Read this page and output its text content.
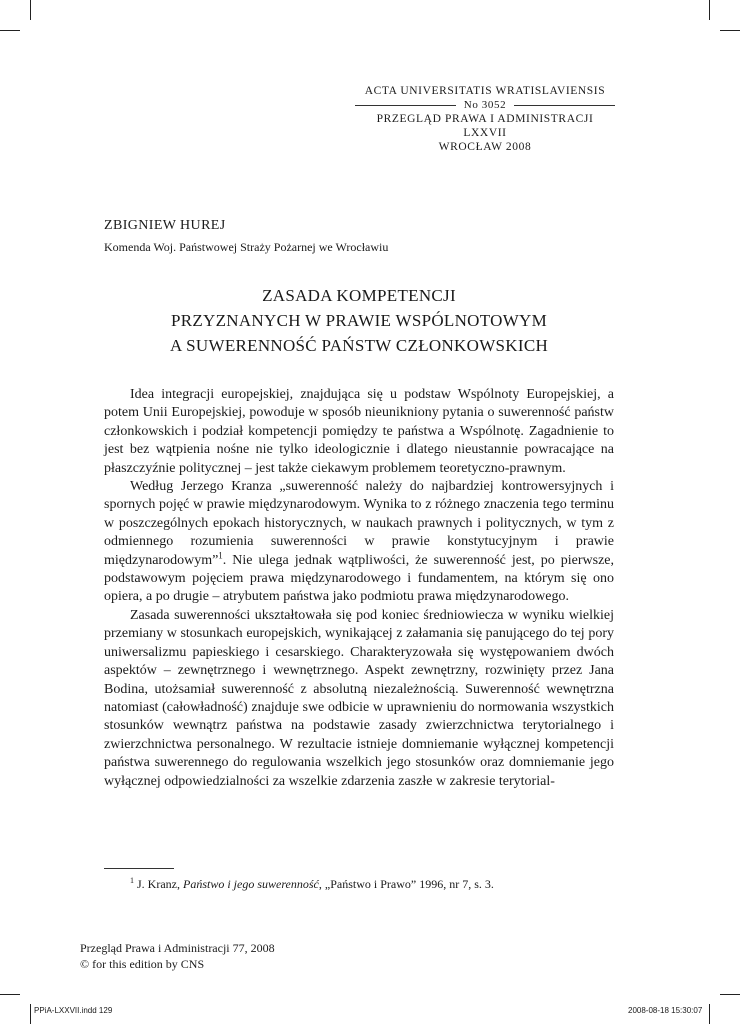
ACTA UNIVERSITATIS WRATISLAVIENSIS
No 3052
PRZEGLĄD PRAWA I ADMINISTRACJI LXXVII
WROCŁAW 2008
ZBIGNIEW HUREJ
Komenda Woj. Państwowej Straży Pożarnej we Wrocławiu
ZASADA KOMPETENCJI
PRZYZNANYCH W PRAWIE WSPÓLNOTOWYM
A SUWERENNOŚĆ PAŃSTW CZŁONKOWSKICH

Idea integracji europejskiej, znajdująca się u podstaw Wspólnoty Europejskiej, a potem Unii Europejskiej, powoduje w sposób nieunikniony pytania o suwerenność państw członkowskich i podział kompetencji pomiędzy te państwa a Wspólnotę. Zagadnienie to jest bez wątpienia nośne nie tylko ideologicznie i dlatego nieustannie powracające na płaszczyźnie politycznej – jest także ciekawym problemem teoretyczno-prawnym.

Według Jerzego Kranza „suwerenność należy do najbardziej kontrowersyjnych i spornych pojęć w prawie międzynarodowym. Wynika to z różnego znaczenia tego terminu w poszczególnych epokach historycznych, w naukach prawnych i politycznych, w tym z odmiennego rozumienia suwerenności w prawie konstytucyjnym i prawie międzynarodowym”$^1$. Nie ulega jednak wątpliwości, że suwerenność jest, po pierwsze, podstawowym pojęciem prawa międzynarodowego i fundamentem, na którym się ono opiera, a po drugie – atrybutem państwa jako podmiotu prawa międzynarodowego.

Zasada suwerenności ukształtowała się pod koniec średniowiecza w wyniku wielkiej przemiany w stosunkach europejskich, wynikającej z załamania się panującego do tej pory uniwersalizmu papieskiego i cesarskiego. Charakteryzowała się występowaniem dwóch aspektów – zewnętrznego i wewnętrznego. Aspekt zewnętrzny, rozwinięty przez Jana Bodina, utożsamiał suwerenność z absolutną niezależnością. Suwerenność wewnętrzna natomiast (całowładność) znajduje swe odbicie w uprawnieniu do normowania wszystkich stosunków wewnątrz państwa na podstawie zasady zwierzchnictwa terytorialnego i zwierzchnictwa personalnego. W rezultacie istnieje domniemanie wyłącznej kompetencji państwa suwerennego do regulowania wszelkich jego stosunków oraz domniemanie jego wyłącznej odpowiedzialności za wszelkie zdarzenia zaszłe w zakresie terytorial-

$^1$ J. Kranz, Państwo i jego suwerenność, „Państwo i Prawo” 1996, nr 7, s. 3.
Przegląd Prawa i Administracji 77, 2008
© for this edition by CNS
PPiA-LXXVII.indd 129	2008-08-18 15:30:07
